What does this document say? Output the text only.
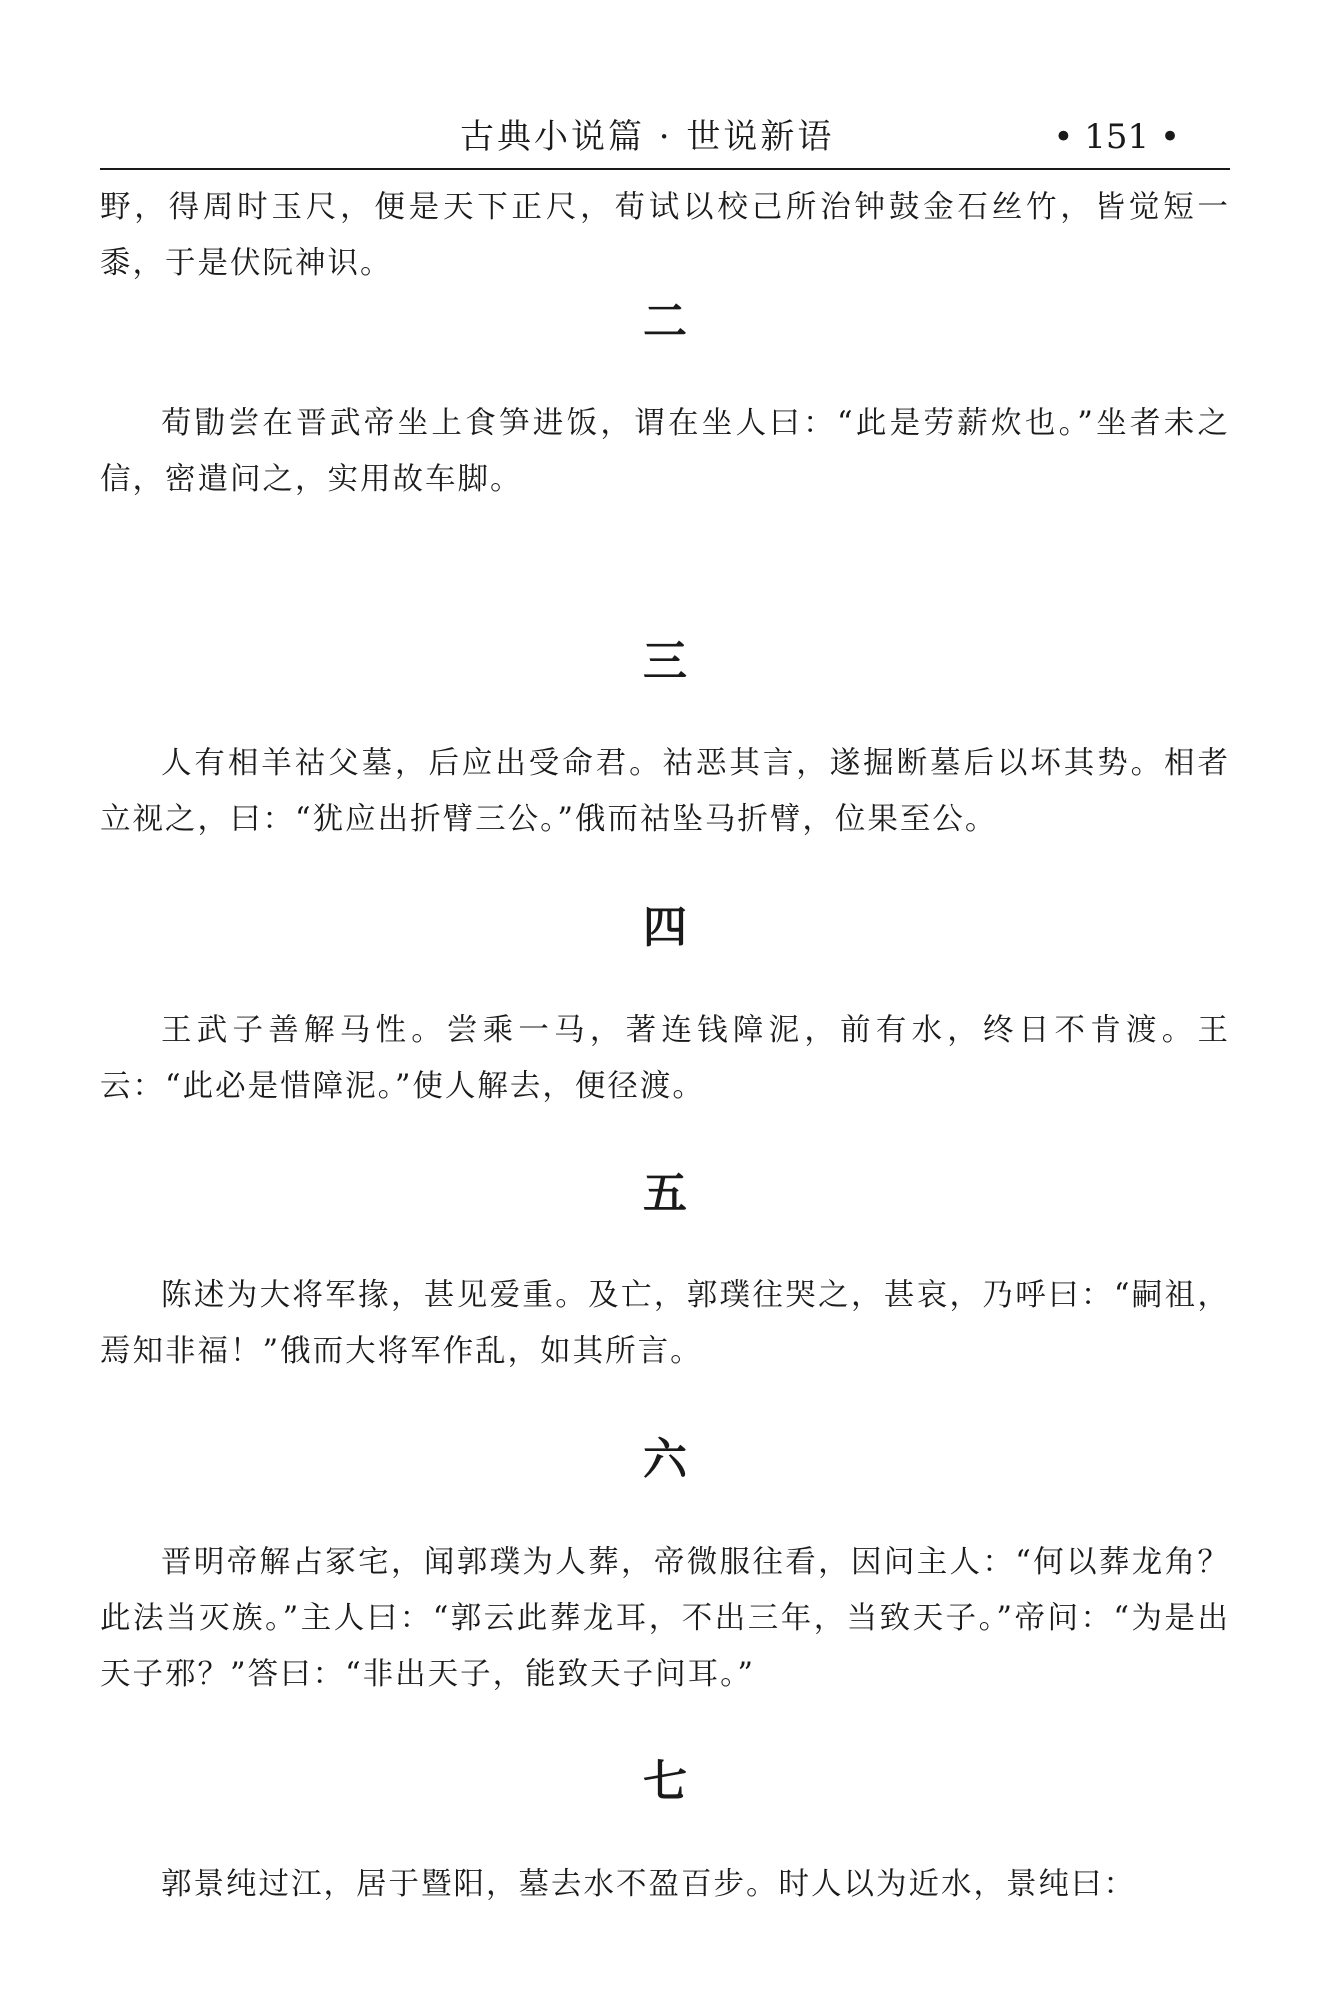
古典小说篇 · 世说新语	• 151 •

野，得周时玉尺，便是天下正尺，荀试以校己所治钟鼓金石丝竹，皆觉短一黍，于是伏阮神识。

二

荀勖尝在晋武帝坐上食笋进饭，谓在坐人曰：“此是劳薪炊也。”坐者未之信，密遣问之，实用故车脚。

三

人有相羊祜父墓，后应出受命君。祜恶其言，遂掘断墓后以坏其势。相者立视之，曰：“犹应出折臂三公。”俄而祜坠马折臂，位果至公。

四

王武子善解马性。尝乘一马，著连钱障泥，前有水，终日不肯渡。王云：“此必是惜障泥。”使人解去，便径渡。

五

陈述为大将军掾，甚见爱重。及亡，郭璞往哭之，甚哀，乃呼曰：“嗣祖，焉知非福！”俄而大将军作乱，如其所言。

六

晋明帝解占冢宅，闻郭璞为人葬，帝微服往看，因问主人：“何以葬龙角？此法当灭族。”主人曰：“郭云此葬龙耳，不出三年，当致天子。”帝问：“为是出天子邪？”答曰：“非出天子，能致天子问耳。”

七

郭景纯过江，居于暨阳，墓去水不盈百步。时人以为近水，景纯曰：
